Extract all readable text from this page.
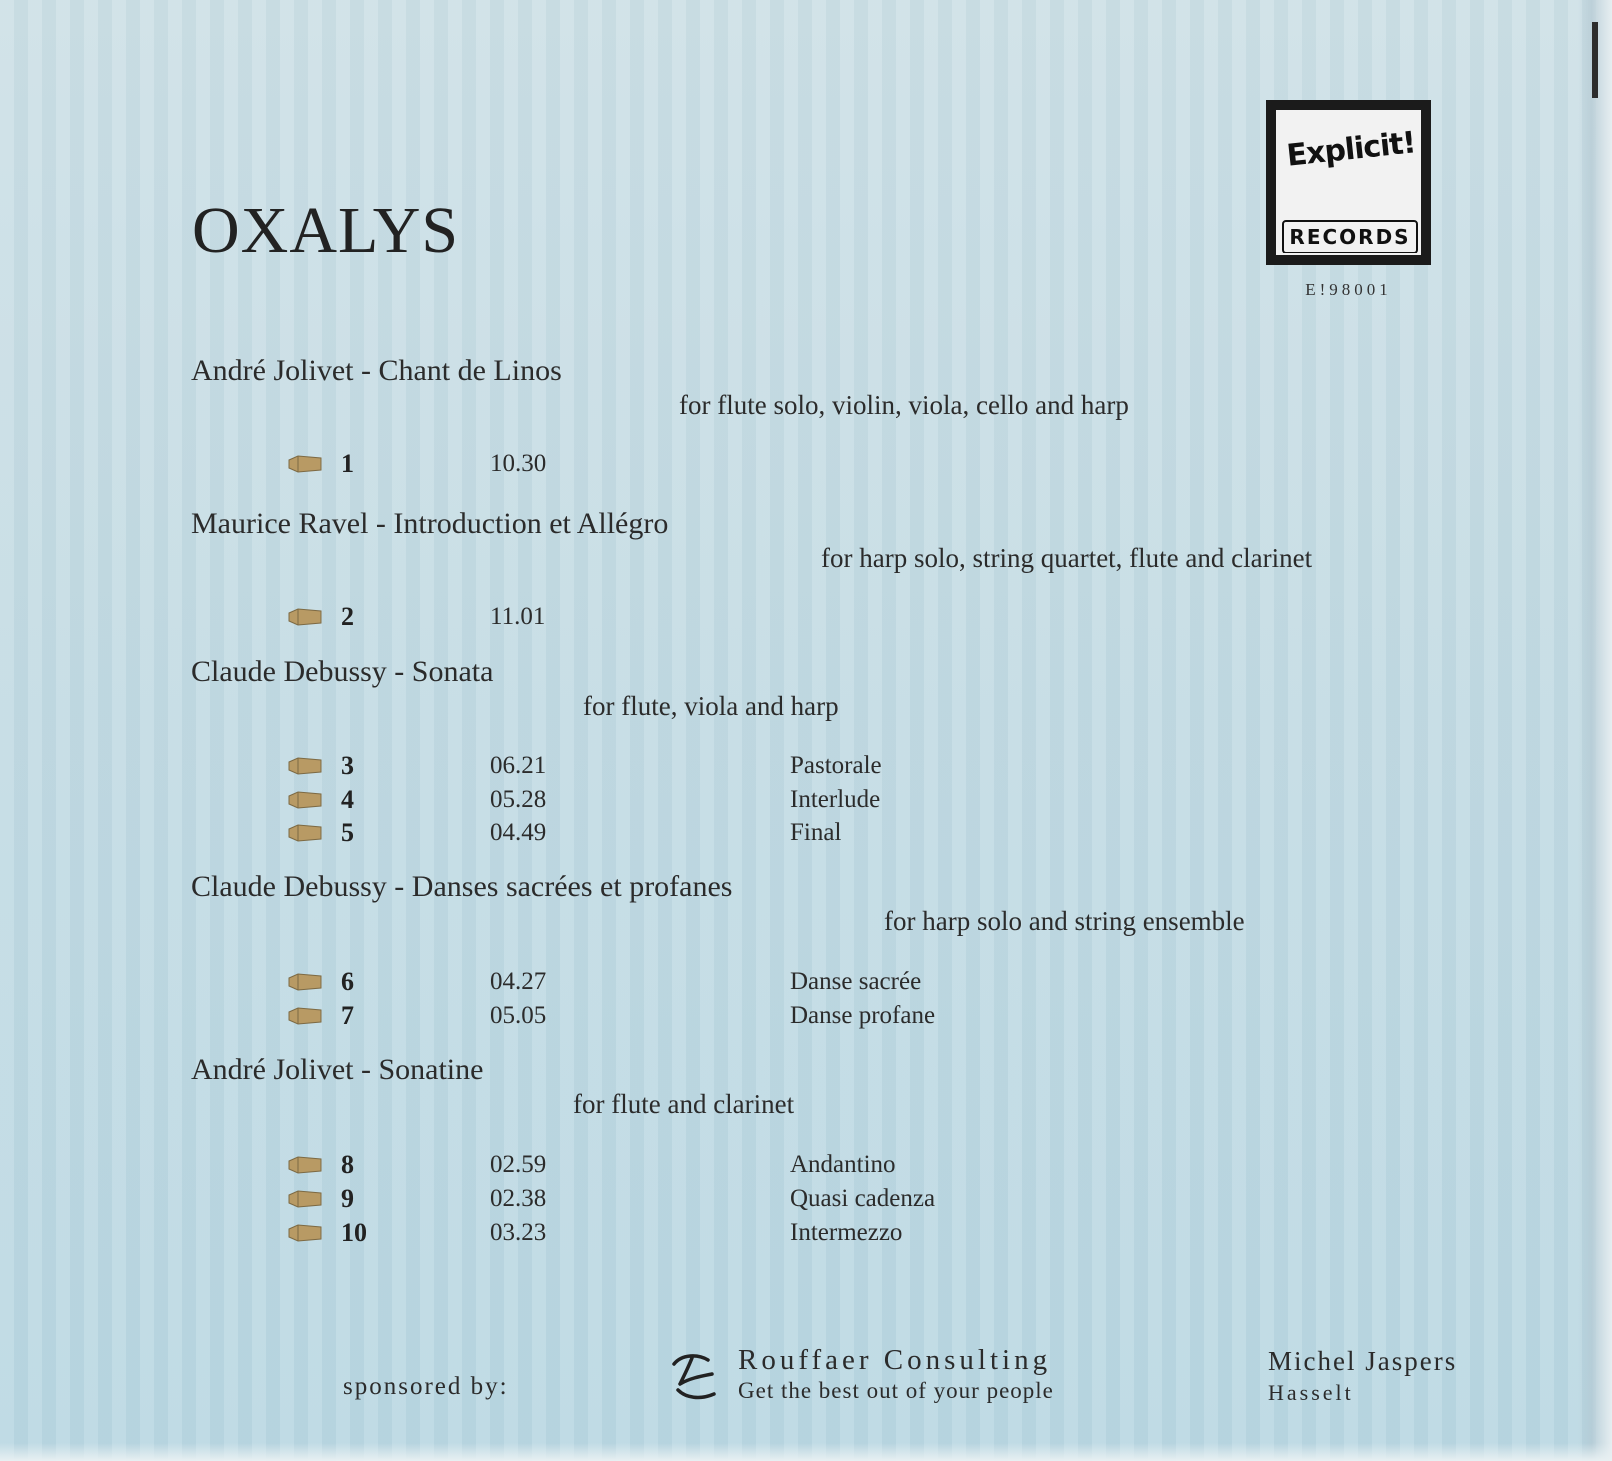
OXALYS
Explicit!
RECORDS
E!98001
André Jolivet - Chant de Linos
for flute solo, violin, viola, cello and harp
1	10.30
Maurice Ravel - Introduction et Allégro
for harp solo, string quartet, flute and clarinet
2	11.01
Claude Debussy - Sonata
for flute, viola and harp
3	06.21	Pastorale
4	05.28	Interlude
5	04.49	Final
Claude Debussy - Danses sacrées et profanes
for harp solo and string ensemble
6	04.27	Danse sacrée
7	05.05	Danse profane
André Jolivet - Sonatine
for flute and clarinet
8	02.59	Andantino
9	02.38	Quasi cadenza
10	03.23	Intermezzo
sponsored by:
Rouffaer Consulting
Get the best out of your people
Michel Jaspers
Hasselt
